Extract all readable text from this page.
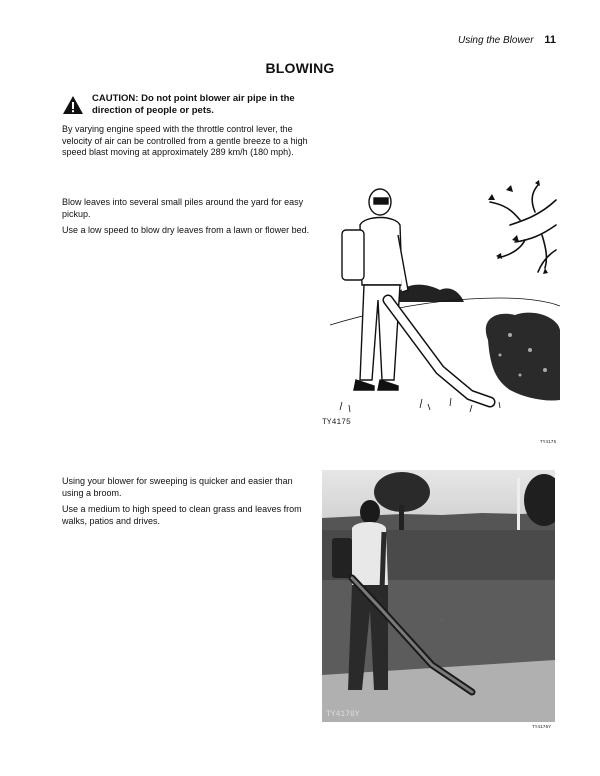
Using the Blower 11
BLOWING
CAUTION: Do not point blower air pipe in the direction of people or pets.
By varying engine speed with the throttle control lever, the velocity of air can be controlled from a gentle breeze to a high speed blast moving at approximately 289 km/h (180 mph).
Blow leaves into several small piles around the yard for easy pickup.
Use a low speed to blow dry leaves from a lawn or flower bed.
Using your blower for sweeping is quicker and easier than using a broom.
Use a medium to high speed to clean grass and leaves from walks, patios and drives.
TY4175
TY4175
TY4176Y
TY4176Y
